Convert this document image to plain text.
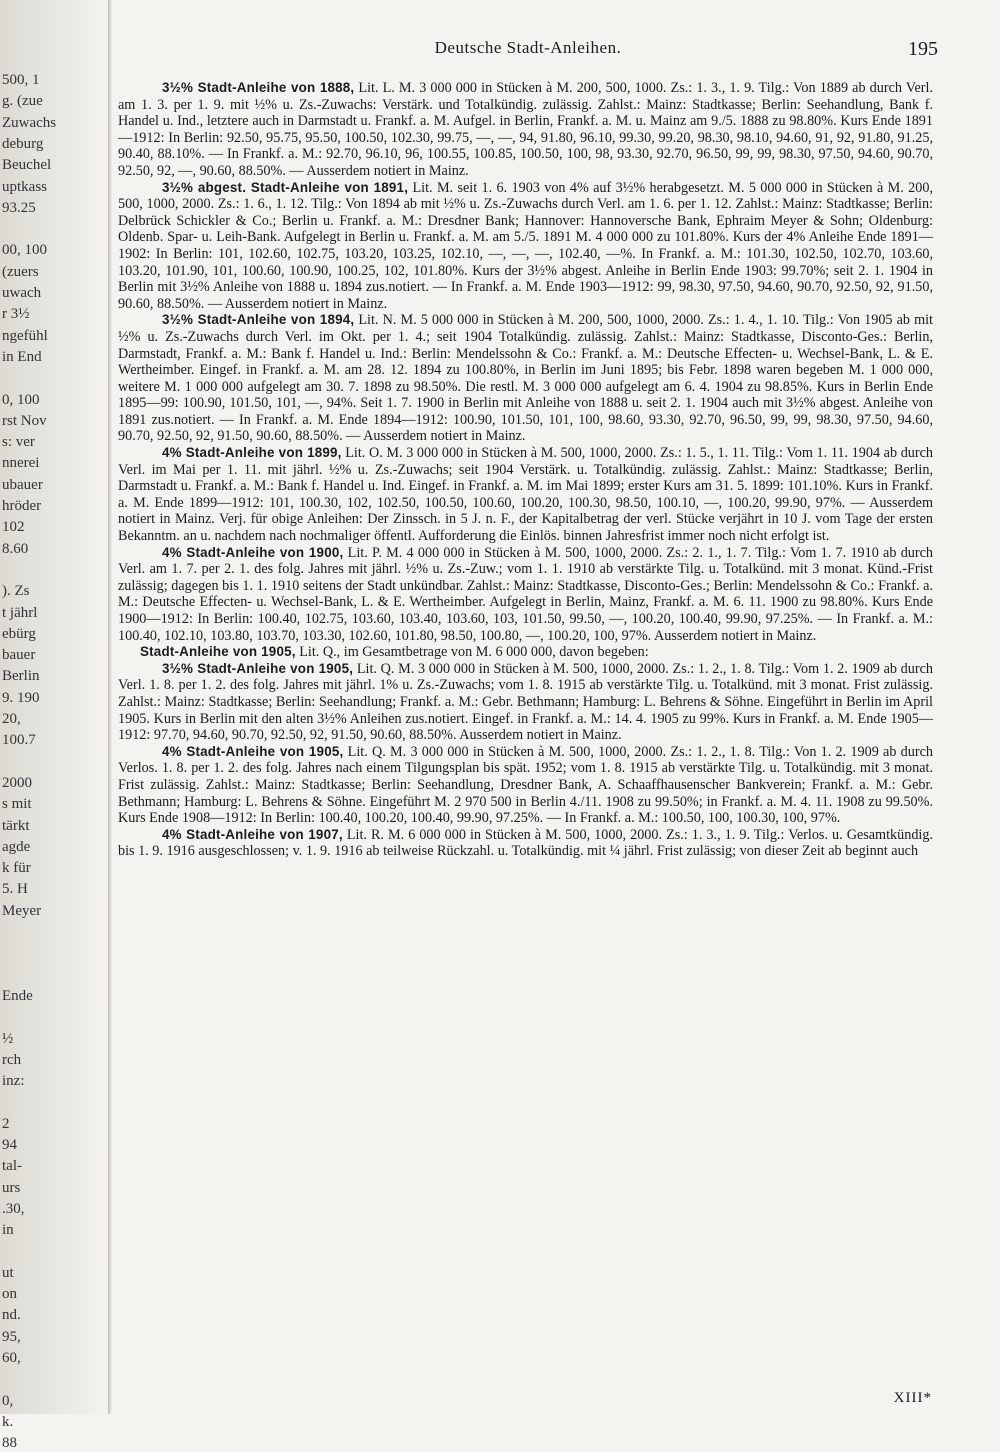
500, 1
g. (zue
Zuwachs
deburg
Beuchel
uptkass
93.25
00, 100
(zuers
uwach
r 3½
ngefühl
in End
0, 100
rst Nov
s: ver
nnerei
ubauer
hröder
102
8.60
). Zs
t jährl
ebürg
bauer
Berlin
9. 190
20,
100.7
2000
s mit
tärkt
agde
k für
5. H
Meyer
Ende
½
rch
inz:
2
94
tal-
urs
.30,
in
ut
on
nd.
95,
60,
0,
k.
88
Deutsche Stadt-Anleihen.	195

3½% Stadt-Anleihe von 1888, Lit. L. M. 3 000 000 in Stücken à M. 200, 500, 1000. Zs.: 1. 3., 1. 9. Tilg.: Von 1889 ab durch Verl. am 1. 3. per 1. 9. mit ½% u. Zs.-Zuwachs: Verstärk. und Totalkündig. zulässig. Zahlst.: Mainz: Stadtkasse; Berlin: Seehandlung, Bank f. Handel u. Ind., letztere auch in Darmstadt u. Frankf. a. M. Aufgel. in Berlin, Frankf. a. M. u. Mainz am 9./5. 1888 zu 98.80%. Kurs Ende 1891—1912: In Berlin: 92.50, 95.75, 95.50, 100.50, 102.30, 99.75, —, —, 94, 91.80, 96.10, 99.30, 99.20, 98.30, 98.10, 94.60, 91, 92, 91.80, 91.25, 90.40, 88.10%. — In Frankf. a. M.: 92.70, 96.10, 96, 100.55, 100.85, 100.50, 100, 98, 93.30, 92.70, 96.50, 99, 99, 98.30, 97.50, 94.60, 90.70, 92.50, 92, —, 90.60, 88.50%. — Ausserdem notiert in Mainz.

3½% abgest. Stadt-Anleihe von 1891, Lit. M. seit 1. 6. 1903 von 4% auf 3½% herabgesetzt. M. 5 000 000 in Stücken à M. 200, 500, 1000, 2000. Zs.: 1. 6., 1. 12. Tilg.: Von 1894 ab mit ½% u. Zs.-Zuwachs durch Verl. am 1. 6. per 1. 12. Zahlst.: Mainz: Stadtkasse; Berlin: Delbrück Schickler & Co.; Berlin u. Frankf. a. M.: Dresdner Bank; Hannover: Hannoversche Bank, Ephraim Meyer & Sohn; Oldenburg: Oldenb. Spar- u. Leih-Bank. Aufgelegt in Berlin u. Frankf. a. M. am 5./5. 1891 M. 4 000 000 zu 101.80%. Kurs der 4% Anleihe Ende 1891—1902: In Berlin: 101, 102.60, 102.75, 103.20, 103.25, 102.10, —, —, —, 102.40, —%. In Frankf. a. M.: 101.30, 102.50, 102.70, 103.60, 103.20, 101.90, 101, 100.60, 100.90, 100.25, 102, 101.80%. Kurs der 3½% abgest. Anleihe in Berlin Ende 1903: 99.70%; seit 2. 1. 1904 in Berlin mit 3½% Anleihe von 1888 u. 1894 zus.notiert. — In Frankf. a. M. Ende 1903—1912: 99, 98.30, 97.50, 94.60, 90.70, 92.50, 92, 91.50, 90.60, 88.50%. — Ausserdem notiert in Mainz.

3½% Stadt-Anleihe von 1894, Lit. N. M. 5 000 000 in Stücken à M. 200, 500, 1000, 2000. Zs.: 1. 4., 1. 10. Tilg.: Von 1905 ab mit ½% u. Zs.-Zuwachs durch Verl. im Okt. per 1. 4.; seit 1904 Totalkündig. zulässig. Zahlst.: Mainz: Stadtkasse, Disconto-Ges.: Berlin, Darmstadt, Frankf. a. M.: Bank f. Handel u. Ind.: Berlin: Mendelssohn & Co.: Frankf. a. M.: Deutsche Effecten- u. Wechsel-Bank, L. & E. Wertheimber. Eingef. in Frankf. a. M. am 28. 12. 1894 zu 100.80%, in Berlin im Juni 1895; bis Febr. 1898 waren begeben M. 1 000 000, weitere M. 1 000 000 aufgelegt am 30. 7. 1898 zu 98.50%. Die restl. M. 3 000 000 aufgelegt am 6. 4. 1904 zu 98.85%. Kurs in Berlin Ende 1895—99: 100.90, 101.50, 101, —, 94%. Seit 1. 7. 1900 in Berlin mit Anleihe von 1888 u. seit 2. 1. 1904 auch mit 3½% abgest. Anleihe von 1891 zus.notiert. — In Frankf. a. M. Ende 1894—1912: 100.90, 101.50, 101, 100, 98.60, 93.30, 92.70, 96.50, 99, 99, 98.30, 97.50, 94.60, 90.70, 92.50, 92, 91.50, 90.60, 88.50%. — Ausserdem notiert in Mainz.

4% Stadt-Anleihe von 1899, Lit. O. M. 3 000 000 in Stücken à M. 500, 1000, 2000. Zs.: 1. 5., 1. 11. Tilg.: Vom 1. 11. 1904 ab durch Verl. im Mai per 1. 11. mit jährl. ½% u. Zs.-Zuwachs; seit 1904 Verstärk. u. Totalkündig. zulässig. Zahlst.: Mainz: Stadtkasse; Berlin, Darmstadt u. Frankf. a. M.: Bank f. Handel u. Ind. Eingef. in Frankf. a. M. im Mai 1899; erster Kurs am 31. 5. 1899: 101.10%. Kurs in Frankf. a. M. Ende 1899—1912: 101, 100.30, 102, 102.50, 100.50, 100.60, 100.20, 100.30, 98.50, 100.10, —, 100.20, 99.90, 97%. — Ausserdem notiert in Mainz. Verj. für obige Anleihen: Der Zinssch. in 5 J. n. F., der Kapitalbetrag der verl. Stücke verjährt in 10 J. vom Tage der ersten Bekanntm. an u. nachdem nach nochmaliger öffentl. Aufforderung die Einlös. binnen Jahresfrist immer noch nicht erfolgt ist.

4% Stadt-Anleihe von 1900, Lit. P. M. 4 000 000 in Stücken à M. 500, 1000, 2000. Zs.: 2. 1., 1. 7. Tilg.: Vom 1. 7. 1910 ab durch Verl. am 1. 7. per 2. 1. des folg. Jahres mit jährl. ½% u. Zs.-Zuw.; vom 1. 1. 1910 ab verstärkte Tilg. u. Totalkünd. mit 3 monat. Künd.-Frist zulässig; dagegen bis 1. 1. 1910 seitens der Stadt unkündbar. Zahlst.: Mainz: Stadtkasse, Disconto-Ges.; Berlin: Mendelssohn & Co.: Frankf. a. M.: Deutsche Effecten- u. Wechsel-Bank, L. & E. Wertheimber. Aufgelegt in Berlin, Mainz, Frankf. a. M. 6. 11. 1900 zu 98.80%. Kurs Ende 1900—1912: In Berlin: 100.40, 102.75, 103.60, 103.40, 103.60, 103, 101.50, 99.50, —, 100.20, 100.40, 99.90, 97.25%. — In Frankf. a. M.: 100.40, 102.10, 103.80, 103.70, 103.30, 102.60, 101.80, 98.50, 100.80, —, 100.20, 100, 97%. Ausserdem notiert in Mainz.

Stadt-Anleihe von 1905, Lit. Q., im Gesamtbetrage von M. 6 000 000, davon begeben:

3½% Stadt-Anleihe von 1905, Lit. Q. M. 3 000 000 in Stücken à M. 500, 1000, 2000. Zs.: 1. 2., 1. 8. Tilg.: Vom 1. 2. 1909 ab durch Verl. 1. 8. per 1. 2. des folg. Jahres mit jährl. 1% u. Zs.-Zuwachs; vom 1. 8. 1915 ab verstärkte Tilg. u. Totalkünd. mit 3 monat. Frist zulässig. Zahlst.: Mainz: Stadtkasse; Berlin: Seehandlung; Frankf. a. M.: Gebr. Bethmann; Hamburg: L. Behrens & Söhne. Eingeführt in Berlin im April 1905. Kurs in Berlin mit den alten 3½% Anleihen zus.notiert. Eingef. in Frankf. a. M.: 14. 4. 1905 zu 99%. Kurs in Frankf. a. M. Ende 1905—1912: 97.70, 94.60, 90.70, 92.50, 92, 91.50, 90.60, 88.50%. Ausserdem notiert in Mainz.

4% Stadt-Anleihe von 1905, Lit. Q. M. 3 000 000 in Stücken à M. 500, 1000, 2000. Zs.: 1. 2., 1. 8. Tilg.: Von 1. 2. 1909 ab durch Verlos. 1. 8. per 1. 2. des folg. Jahres nach einem Tilgungsplan bis spät. 1952; vom 1. 8. 1915 ab verstärkte Tilg. u. Totalkündig. mit 3 monat. Frist zulässig. Zahlst.: Mainz: Stadtkasse; Berlin: Seehandlung, Dresdner Bank, A. Schaaffhausenscher Bankverein; Frankf. a. M.: Gebr. Bethmann; Hamburg: L. Behrens & Söhne. Eingeführt M. 2 970 500 in Berlin 4./11. 1908 zu 99.50%; in Frankf. a. M. 4. 11. 1908 zu 99.50%. Kurs Ende 1908—1912: In Berlin: 100.40, 100.20, 100.40, 99.90, 97.25%. — In Frankf. a. M.: 100.50, 100, 100.30, 100, 97%.

4% Stadt-Anleihe von 1907, Lit. R. M. 6 000 000 in Stücken à M. 500, 1000, 2000. Zs.: 1. 3., 1. 9. Tilg.: Verlos. u. Gesamtkündig. bis 1. 9. 1916 ausgeschlossen; v. 1. 9. 1916 ab teilweise Rückzahl. u. Totalkündig. mit ¼ jährl. Frist zulässig; von dieser Zeit ab beginnt auch

XIII*
